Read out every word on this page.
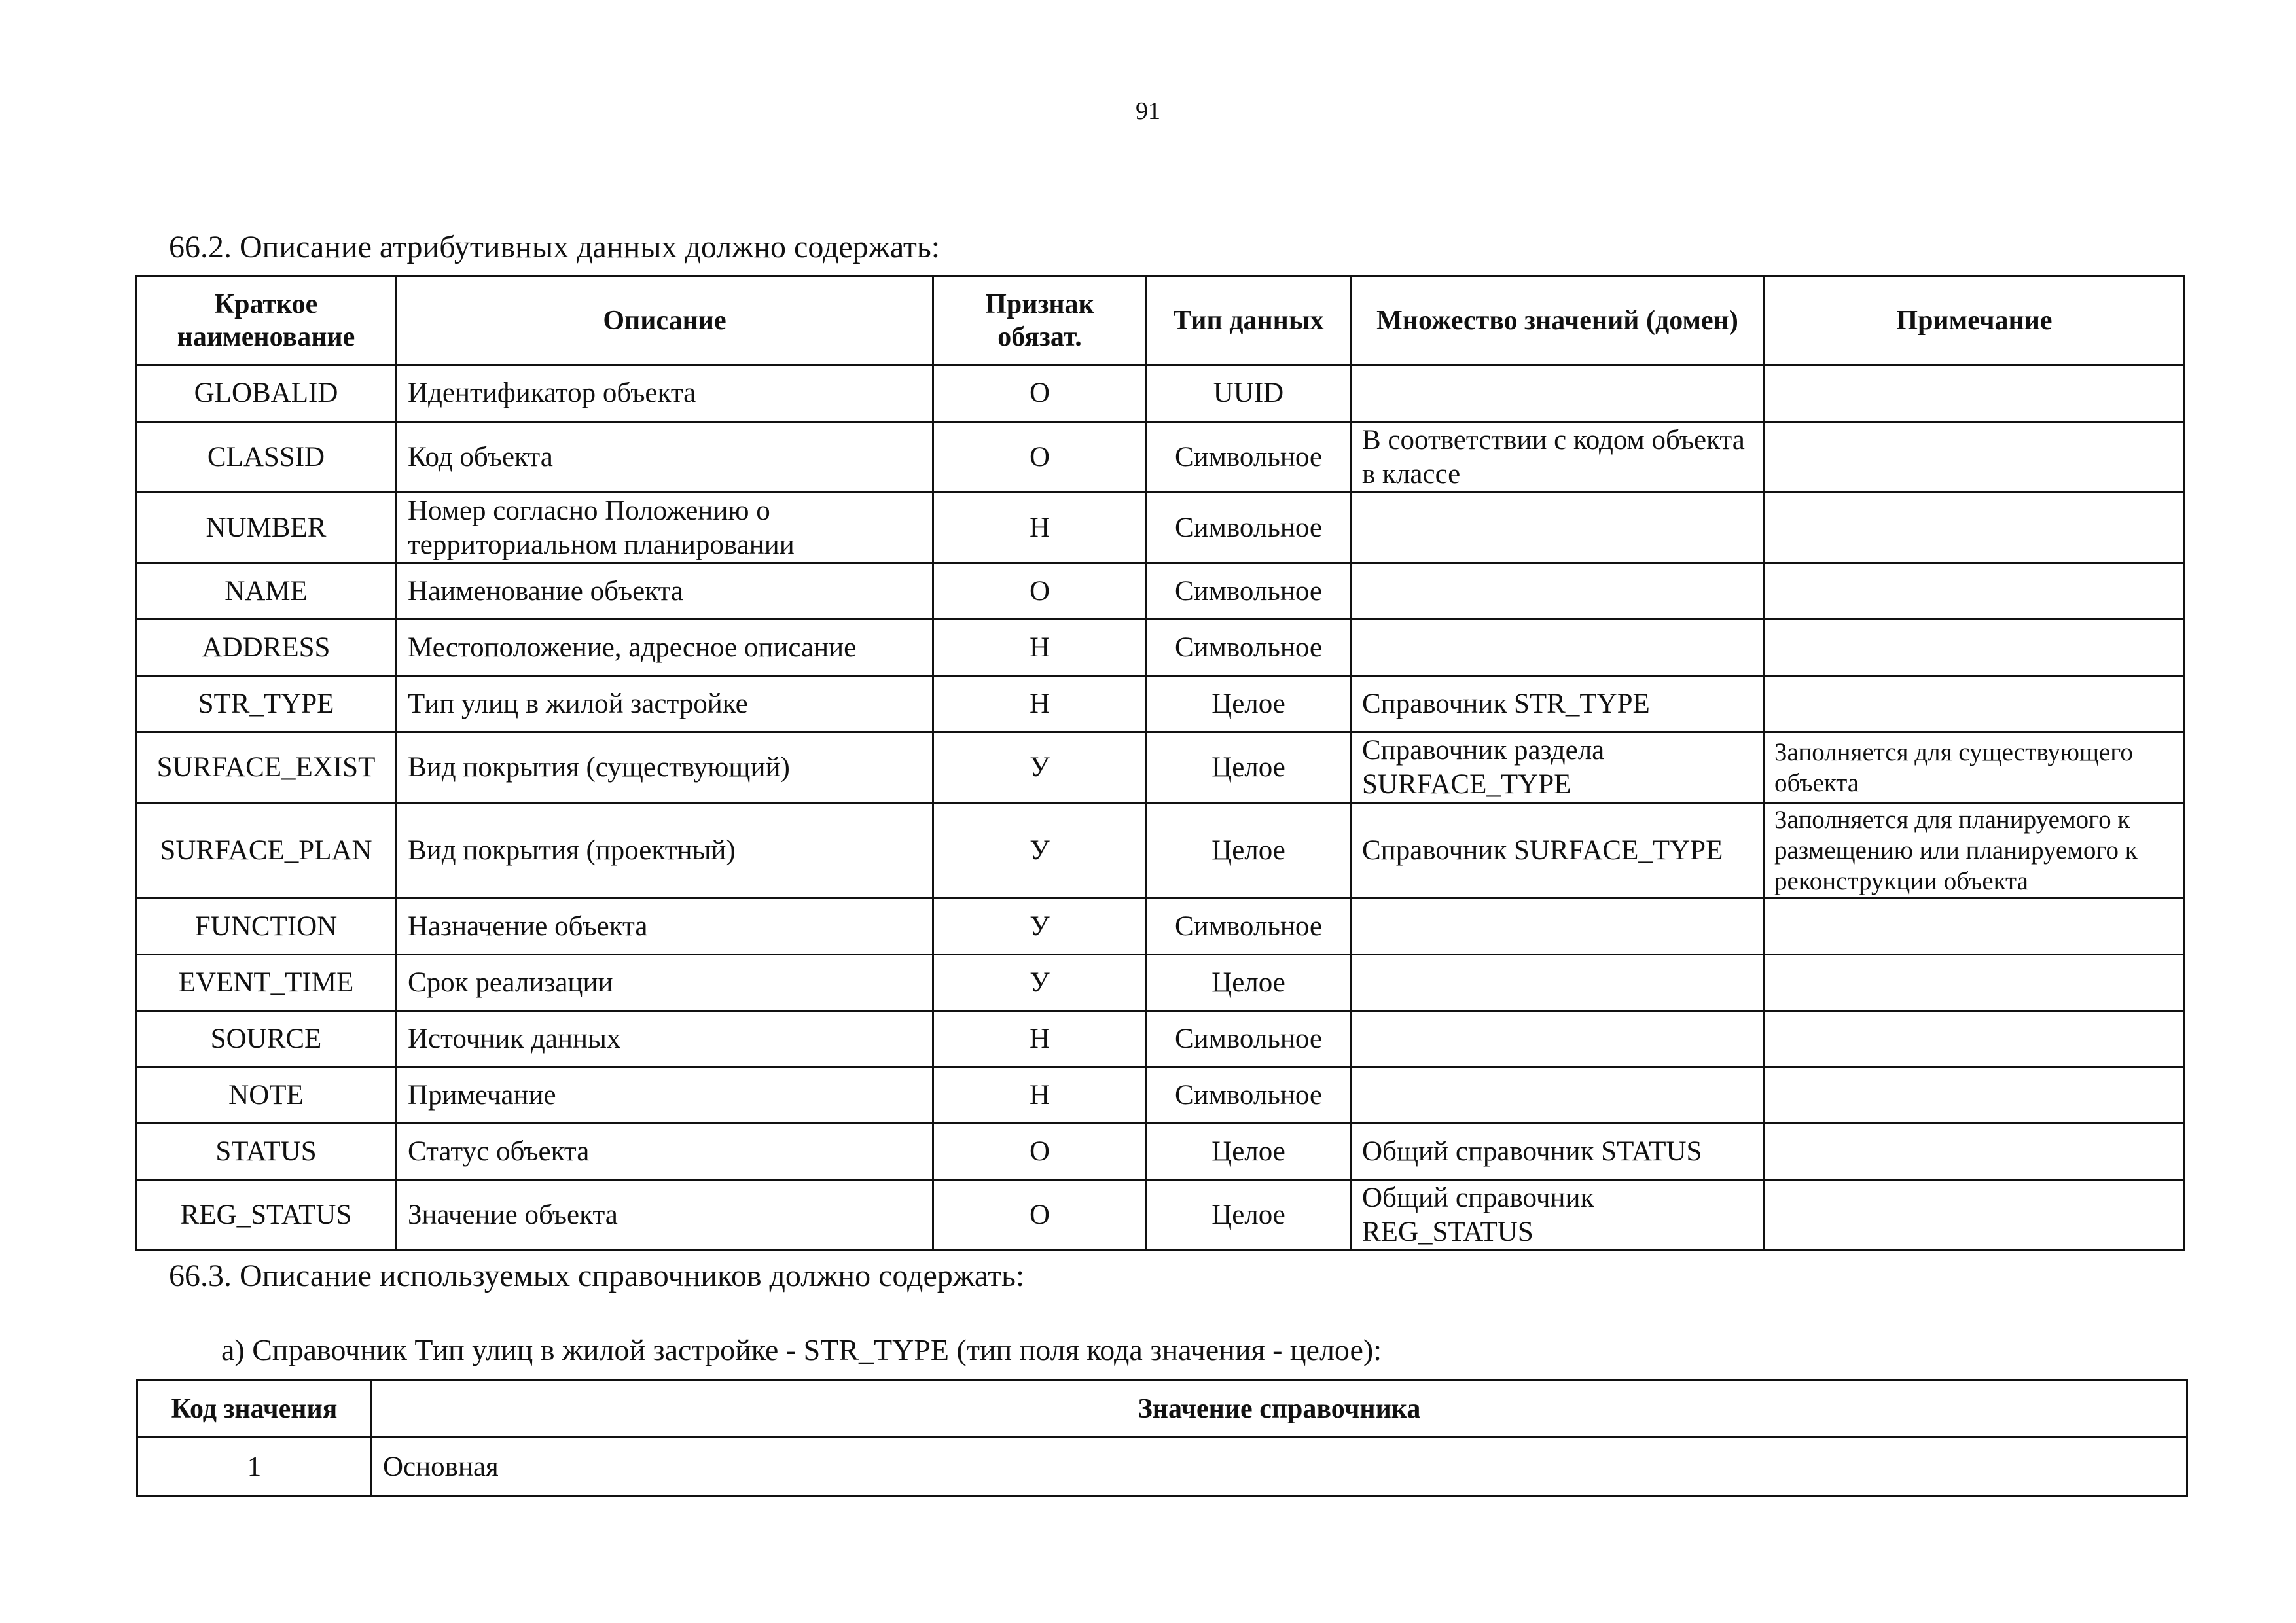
91
66.2. Описание атрибутивных данных должно содержать:
Краткое наименование	Описание	Признак обязат.	Тип данных	Множество значений (домен)	Примечание
GLOBALID	Идентификатор объекта	О	UUID		
CLASSID	Код объекта	О	Символьное	В соответствии с кодом объекта в классе	
NUMBER	Номер согласно Положению о территориальном планировании	Н	Символьное		
NAME	Наименование объекта	О	Символьное		
ADDRESS	Местоположение, адресное описание	Н	Символьное		
STR_TYPE	Тип улиц в жилой застройке	Н	Целое	Справочник STR_TYPE	
SURFACE_EXIST	Вид покрытия (существующий)	У	Целое	Справочник раздела SURFACE_TYPE	Заполняется для существующего объекта
SURFACE_PLAN	Вид покрытия (проектный)	У	Целое	Справочник SURFACE_TYPE	Заполняется для планируемого к размещению или планируемого к реконструкции объекта
FUNCTION	Назначение объекта	У	Символьное		
EVENT_TIME	Срок реализации	У	Целое		
SOURCE	Источник данных	Н	Символьное		
NOTE	Примечание	Н	Символьное		
STATUS	Статус объекта	О	Целое	Общий справочник STATUS	
REG_STATUS	Значение объекта	О	Целое	Общий справочник REG_STATUS	
66.3. Описание используемых справочников должно содержать:
а) Справочник Тип улиц в жилой застройке - STR_TYPE (тип поля кода значения - целое):
Код значения	Значение справочника
1	Основная
